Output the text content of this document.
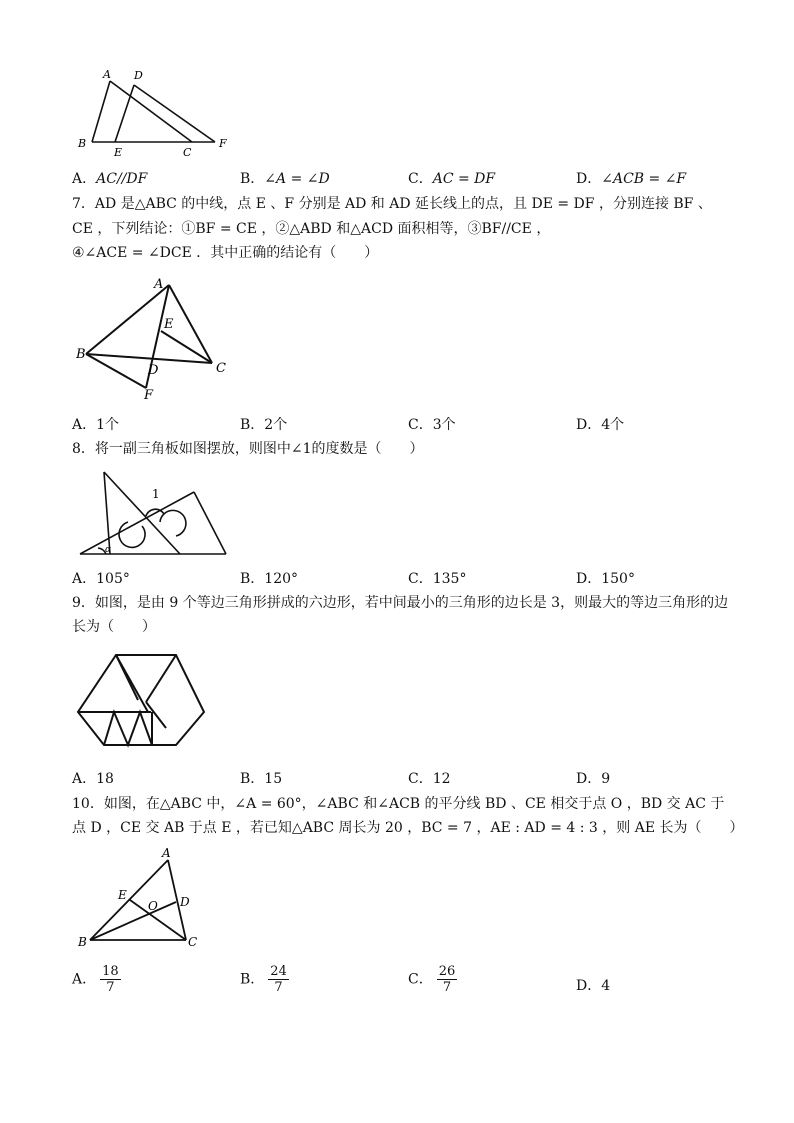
A D
B
E	C
F
A．AC//DF	B．∠A = ∠D	C．AC = DF	D．∠ACB = ∠F
7．AD 是△ABC 的中线，点 E 、F 分别是 AD 和 AD 延长线上的点，且 DE = DF ，分别连接 BF 、
CE ，下列结论：①BF = CE ，②△ABD 和△ACD 面积相等，③BF//CE ，
④∠ACE = ∠DCE ．其中正确的结论有（　　）
A
E
B
D	C
F
A．1个	B．2个	C．3个	D．4个
8．将一副三角板如图摆放，则图中∠1的度数是（　　）
1
α
A．105°	B．120°	C．135°	D．150°
9．如图，是由 9 个等边三角形拼成的六边形，若中间最小的三角形的边长是 3，则最大的等边三角形的边
长为（　　）
A．18	B．15	C．12	D．9
10．如图，在△ABC 中，∠A = 60°，∠ABC 和∠ACB 的平分线 BD 、CE 相交于点 O ，BD 交 AC 于
点 D ，CE 交 AB 于点 E ，若已知△ABC 周长为 20 ，BC = 7 ，AE : AD = 4 : 3 ，则 AE 长为（　　）
A
E
O D
B	C
A． $\frac{18}{7}$	B． $\frac{24}{7}$	C． $\frac{26}{7}$	D．4
